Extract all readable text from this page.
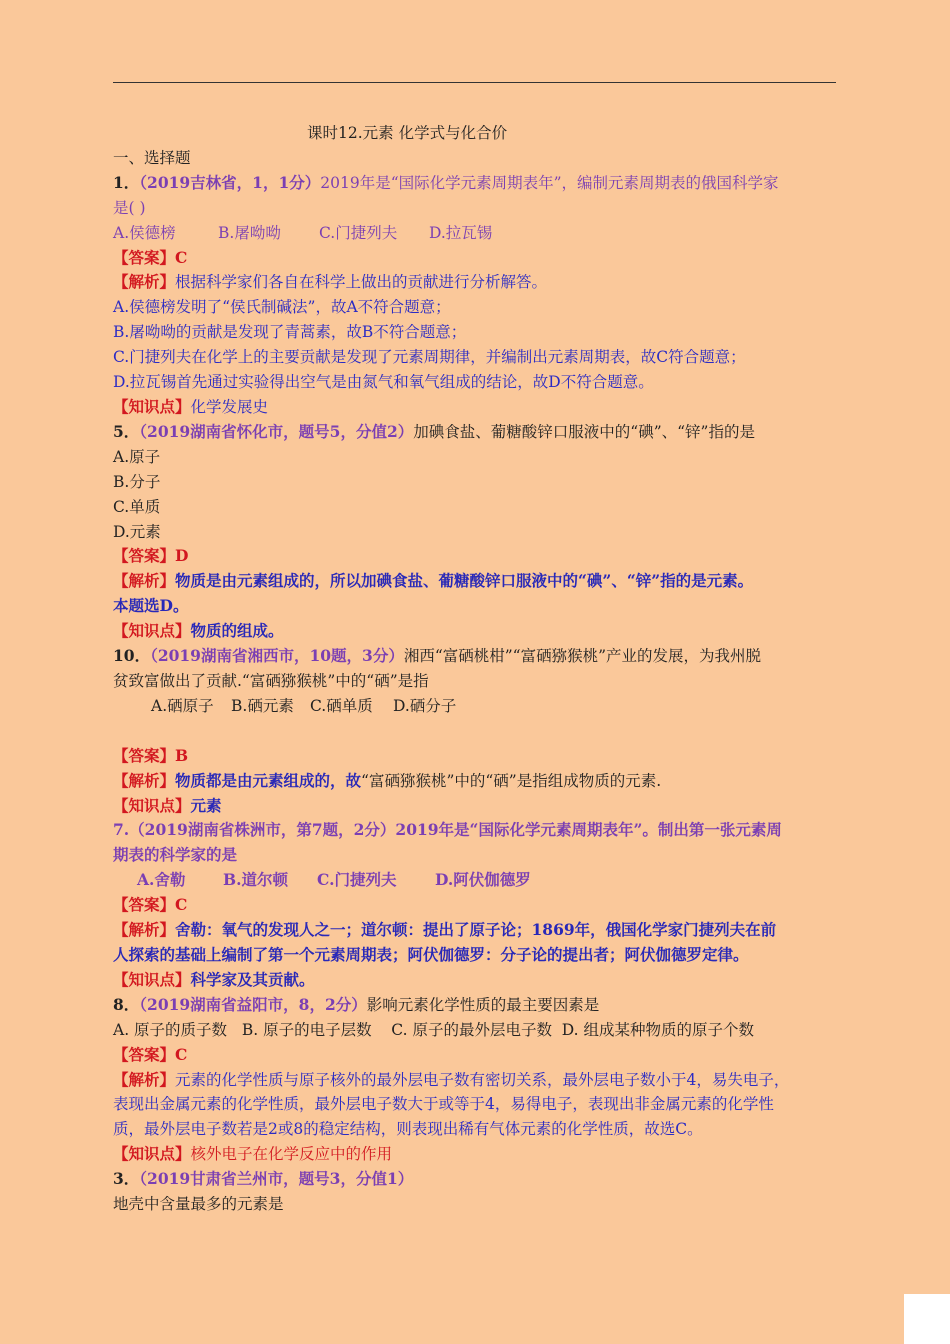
课时12.元素 化学式与化合价
一、选择题
1．（2019吉林省，1，1分）2019年是“国际化学元素周期表年”，编制元素周期表的俄国科学家
是( )
A.侯德榜	B.屠呦呦 C.门捷列夫 D.拉瓦锡
【答案】C
【解析】根据科学家们各自在科学上做出的贡献进行分析解答。
A.侯德榜发明了“侯氏制碱法”，故A不符合题意；
B.屠呦呦的贡献是发现了青蒿素，故B不符合题意；
C.门捷列夫在化学上的主要贡献是发现了元素周期律，并编制出元素周期表，故C符合题意；
D.拉瓦锡首先通过实验得出空气是由氮气和氧气组成的结论，故D不符合题意。
【知识点】化学发展史
5．（2019湖南省怀化市，题号5，分值2）加碘食盐、葡糖酸锌口服液中的“碘”、“锌”指的是
A.原子
B.分子
C.单质
D.元素
【答案】D
【解析】物质是由元素组成的，所以加碘食盐、葡糖酸锌口服液中的“碘”、“锌”指的是元素。
本题选D。
【知识点】物质的组成。
10．（2019湖南省湘西市，10题，3分）湘西“富硒桃柑”“富硒猕猴桃”产业的发展，为我州脱
贫致富做出了贡献.“富硒猕猴桃”中的“硒”是指
A.硒原子 B.硒元素 C.硒单质 D.硒分子
【答案】B
【解析】物质都是由元素组成的，故“富硒猕猴桃”中的“硒”是指组成物质的元素.
【知识点】元素
7.（2019湖南省株洲市，第7题，2分）2019年是“国际化学元素周期表年”。制出第一张元素周
期表的科学家的是
A.舍勒 B.道尔顿 C.门捷列夫 D.阿伏伽德罗
【答案】C
【解析】舍勒：氧气的发现人之一；道尔顿：提出了原子论；1869年，俄国化学家门捷列夫在前
人探索的基础上编制了第一个元素周期表；阿伏伽德罗：分子论的提出者；阿伏伽德罗定律。
【知识点】科学家及其贡献。
8．（2019湖南省益阳市，8，2分）影响元素化学性质的最主要因素是
A. 原子的质子数   B. 原子的电子层数    C. 原子的最外层电子数  D. 组成某种物质的原子个数
【答案】C
【解析】元素的化学性质与原子核外的最外层电子数有密切关系，最外层电子数小于4，易失电子，
表现出金属元素的化学性质，最外层电子数大于或等于4，易得电子，表现出非金属元素的化学性
质，最外层电子数若是2或8的稳定结构，则表现出稀有气体元素的化学性质，故选C。
【知识点】核外电子在化学反应中的作用
3．（2019甘肃省兰州市，题号3，分值1）
地壳中含量最多的元素是
